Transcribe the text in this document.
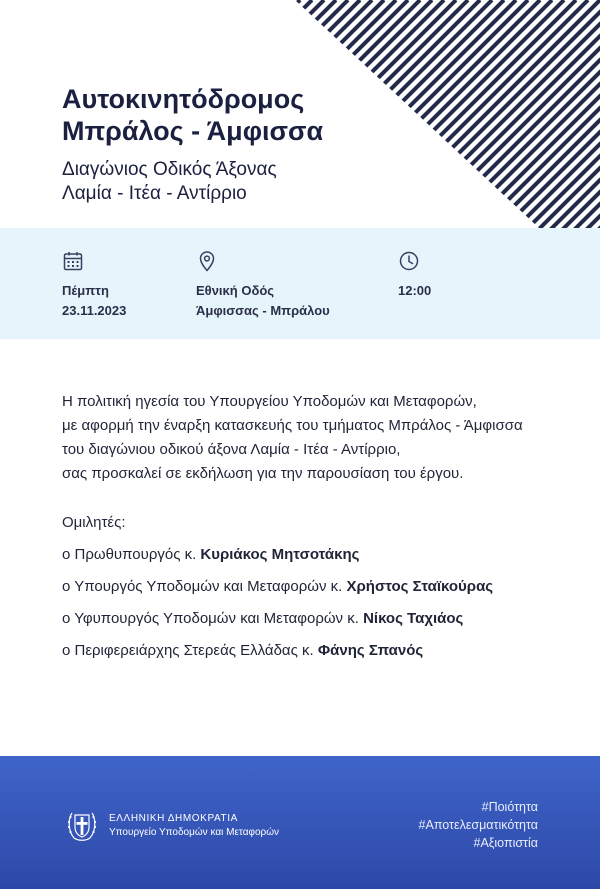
Αυτοκινητόδρομος
Μπράλος - Άμφισσα
Διαγώνιος Οδικός Άξονας
Λαμία - Ιτέα - Αντίρριο
Πέμπτη
23.11.2023
Εθνική Οδός
Άμφισσας - Μπράλου
12:00
Η πολιτική ηγεσία του Υπουργείου Υποδομών και Μεταφορών,
με αφορμή την έναρξη κατασκευής του τμήματος Μπράλος - Άμφισσα
του διαγώνιου οδικού άξονα Λαμία - Ιτέα - Αντίρριο,
σας προσκαλεί σε εκδήλωση για την παρουσίαση του έργου.
Ομιλητές:
ο Πρωθυπουργός κ. Κυριάκος Μητσοτάκης
ο Υπουργός Υποδομών και Μεταφορών κ. Χρήστος Σταϊκούρας
ο Υφυπουργός Υποδομών και Μεταφορών κ. Νίκος Ταχιάος
ο Περιφερειάρχης Στερεάς Ελλάδας κ. Φάνης Σπανός
ΕΛΛΗΝΙΚΗ ΔΗΜΟΚΡΑΤΙΑ
Υπουργείο Υποδομών και Μεταφορών
#Ποιότητα
#Αποτελεσματικότητα
#Αξιοπιστία
